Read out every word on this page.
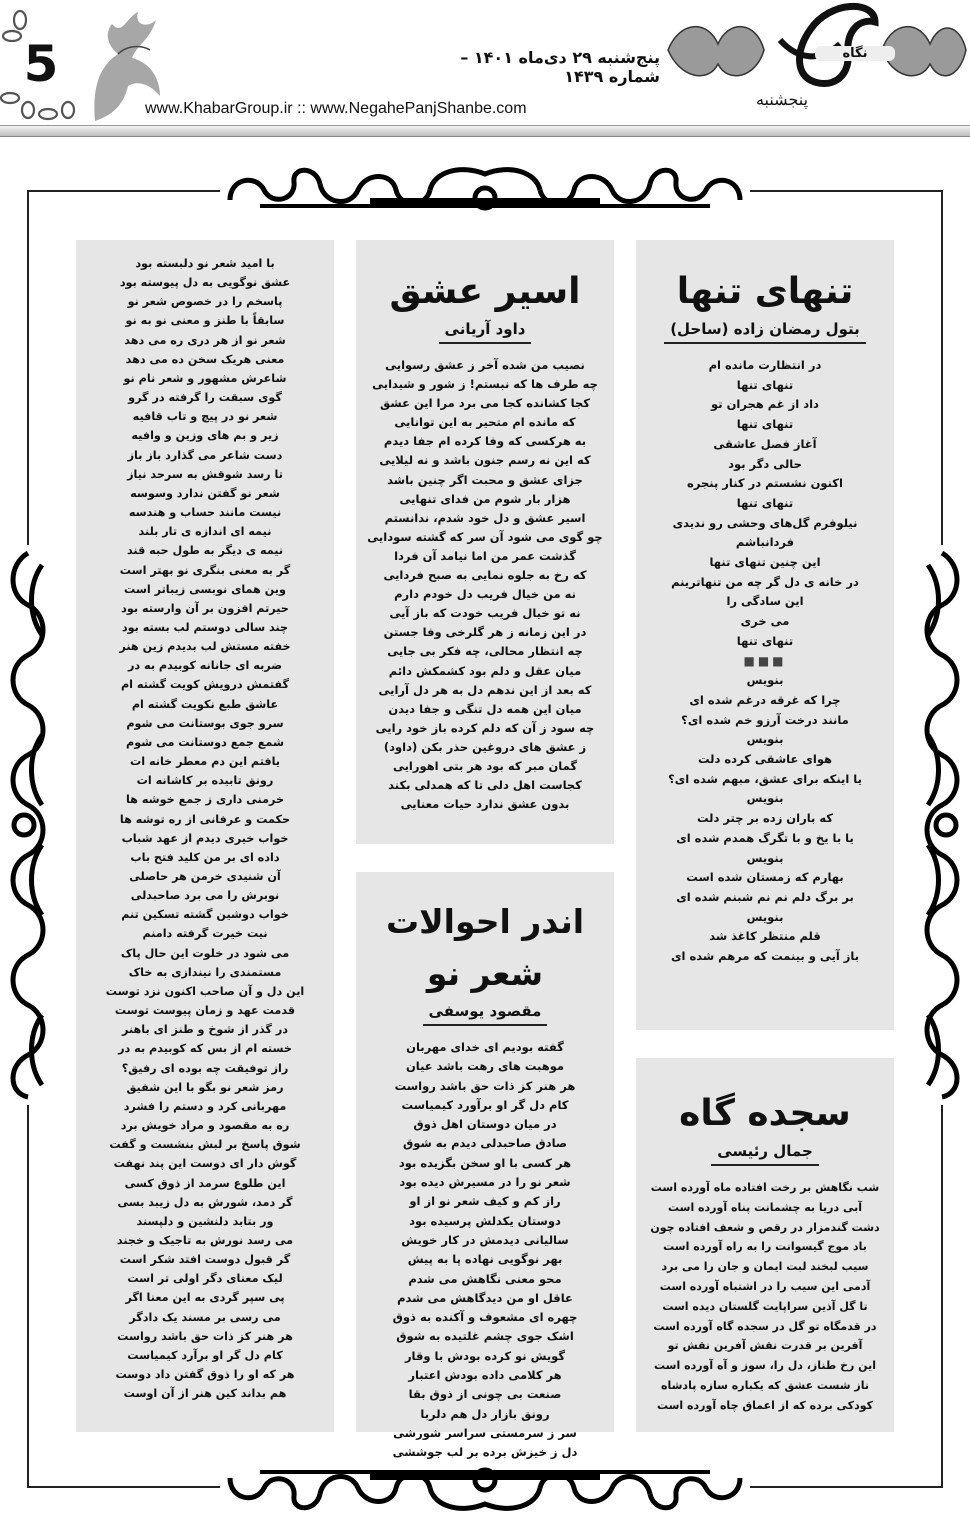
5	پنج‌شنبه ۲۹ دی‌ماه ۱۴۰۱ – شماره ۱۴۳۹
www.KhabarGroup.ir :: www.NegahePanjShanbe.com
نگاه
پنجشنبه
تنهای تنها
بتول رمضان زاده (ساحل)
در انتظارت مانده ام
تنهای تنها
داد از غم هجران تو
تنهای تنها
آغاز فصل عاشقی
حالی دگر بود
اکنون نشستم در کنار پنجره
تنهای تنها
نیلوفرم گل‌های وحشی رو ندیدی
فردانباشم
این چنین تنهای تنها
در خانه ی دل گر چه من تنهاترینم
این سادگی را
می خری
تنهای تنها
■■■
بنویس
چرا که غرقه درغم شده ای
مانند درخت آرزو خم شده ای؟
بنویس
هوای عاشقی کرده دلت
یا اینکه برای عشق، مبهم شده ای؟
بنویس
که باران زده بر چتر دلت
یا با یخ و با تگرگ همدم شده ای
بنویس
بهارم که زمستان شده است
بر برگ دلم نم نم شبنم شده ای
بنویس
قلم منتظر کاغذ شد
باز آیی و بینمت که مرهم شده ای
سجده گاه
جمال رئیسی
شب نگاهش بر رخت افتاده ماه آورده است
آبی دریا به چشمانت پناه آورده است
دشت گندمزار در رقص و شعف افتاده چون
باد موج گیسوانت را به راه آورده است
سیب لبخند لبت ایمان و جان را می برد
آدمی این سیب را در اشتباه آورده است
تا گل آذین سراپایت گلستان دیده است
در قدمگاه تو گل در سجده گاه آورده است
آفرین بر قدرت نقش آفرین نقش تو
این رخ طناز، دل را، سوز و آه آورده است
ناز شست عشق که یکباره سازه پادشاه
کودکی برده که از اعماق چاه آورده است
اسیر عشق
داود آریانی
نصیب من شده آخر ز عشق رسوایی
چه طرف ها که نبستم! ز شور و شیدایی
کجا کشانده کجا می برد مرا این عشق
که مانده ام متحیر به این توانایی
به هرکسی که وفا کرده ام جفا دیدم
که این نه رسم جنون باشد و نه لیلایی
جزای عشق و محبت اگر چنین باشد
هزار بار شوم من فدای تنهایی
اسیر عشق و دل خود شدم، ندانستم
چو گوی می شود آن سر که گشته سودایی
گذشت عمر من اما نیامد آن فردا
که رخ به جلوه نمایی به صبح فردایی
نه من خیال فریب دل خودم دارم
نه تو خیال فریب خودت که باز آیی
در این زمانه ز هر گلرخی وفا جستن
چه انتظار محالی، چه فکر بی جایی
میان عقل و دلم بود کشمکش دائم
که بعد از این ندهم دل به هر دل آرایی
میان این همه دل تنگی و جفا دیدن
چه سود ز آن که دلم کرده باز خود رایی
ز عشق های دروغین حذر بکن (داود)
گمان مبر که بود هر بتی اهورایی
کجاست اهل دلی تا که همدلی بکند
بدون عشق ندارد حیات معنایی
اندر احوالات شعر نو
مقصود یوسفی
گفته بودیم ای خدای مهربان
موهبت های رهت باشد عیان
هر هنر کز ذات حق باشد رواست
کام دل گر او برآورد کیمیاست
در میان دوستان اهل ذوق
صادق صاحبدلی دیدم به شوق
هر کسی با او سخن بگزیده بود
شعر نو را در مسیرش دیده بود
راز کم و کیف شعر نو از او
دوستان یکدلش پرسیده بود
سالیانی دیدمش در کار خویش
بهر نوگویی نهاده پا به پیش
محو معنی نگاهش می شدم
عاقل او من دیدگاهش می شدم
چهره ای مشعوف و آکنده به ذوق
اشک جوی چشم غلتیده به شوق
گویش نو کرده بودش با وقار
هر کلامی داده بودش اعتبار
صنعت بی چونی از ذوق بقا
رونق بازار دل هم دلربا
سر ز سرمستی سراسر شورشی
دل ز خیزش برده بر لب جوششی
با امید شعر نو دلبسته بود
عشق نوگویی به دل پیوسته بود
پاسخم را در خصوص شعر نو
سابقاً با طنز و معنی نو به نو
شعر نو از هر دری ره می دهد
معنی هریک سخن ده می دهد
شاعرش مشهور و شعر نام نو
گوی سبقت را گرفته در گرو
شعر نو در پیچ و تاب قافیه
زیر و بم های وزین و وافیه
دست شاعر می گذارد باز باز
تا رسد شوقش به سرحد نیاز
شعر نو گفتن ندارد وسوسه
نیست مانند حساب و هندسه
نیمه ای اندازه ی تار بلند
نیمه ی دیگر به طول حبه قند
گر به معنی بنگری نو بهتر است
وین همای نوبسی زیباتر است
حیرتم افزون بر آن وارسته بود
چند سالی دوستم لب بسته بود
خفته مستش لب بدیدم زین هنر
ضربه ای جانانه کوبیدم به در
گفتمش درویش کویت گشته ام
عاشق طبع نکویت گشته ام
سرو جوی بوستانت می شوم
شمع جمع دوستانت می شوم
یافتم این دم معطر خانه ات
رونق تابیده بر کاشانه ات
خرمنی داری ز جمع خوشه ها
حکمت و عرفانی از ره توشه ها
خواب خیری دیدم از عهد شباب
داده ای بر من کلید فتح باب
آن شنیدی خرمن هر حاصلی
نوبرش را می برد صاحبدلی
خواب دوشین گشته تسکین تنم
نیت خیرت گرفته دامنم
می شود در خلوت این حال پاک
مستمندی را نیندازی به خاک
این دل و آن صاحب اکنون نزد توست
قدمت عهد و زمان پیوست توست
در گذر از شوخ و طنز ای باهنر
خسته ام از بس که کوبیدم به در
راز توفیقت چه بوده ای رفیق؟
رمز شعر نو بگو با این شفیق
مهربانی کرد و دستم را فشرد
ره به مقصود و مراد خویش برد
شوق پاسخ بر لبش بنشست و گفت
گوش دار ای دوست این پند نهفت
این طلوع سرمد از ذوق کسی
گر دمد، شورش به دل زیبد بسی
ور بتابد دلنشین و دلپسند
می رسد نورش به تاجیک و خجند
گر قبول دوست افتد شکر است
لیک معنای دگر اولی تر است
پی سپر گردی به این معنا اگر
می رسی بر مسند یک دادگر
هر هنر کز ذات حق باشد رواست
کام دل گر او برآرد کیمیاست
هر که او را ذوق گفتن داد دوست
هم بداند کین هنر از آن اوست
